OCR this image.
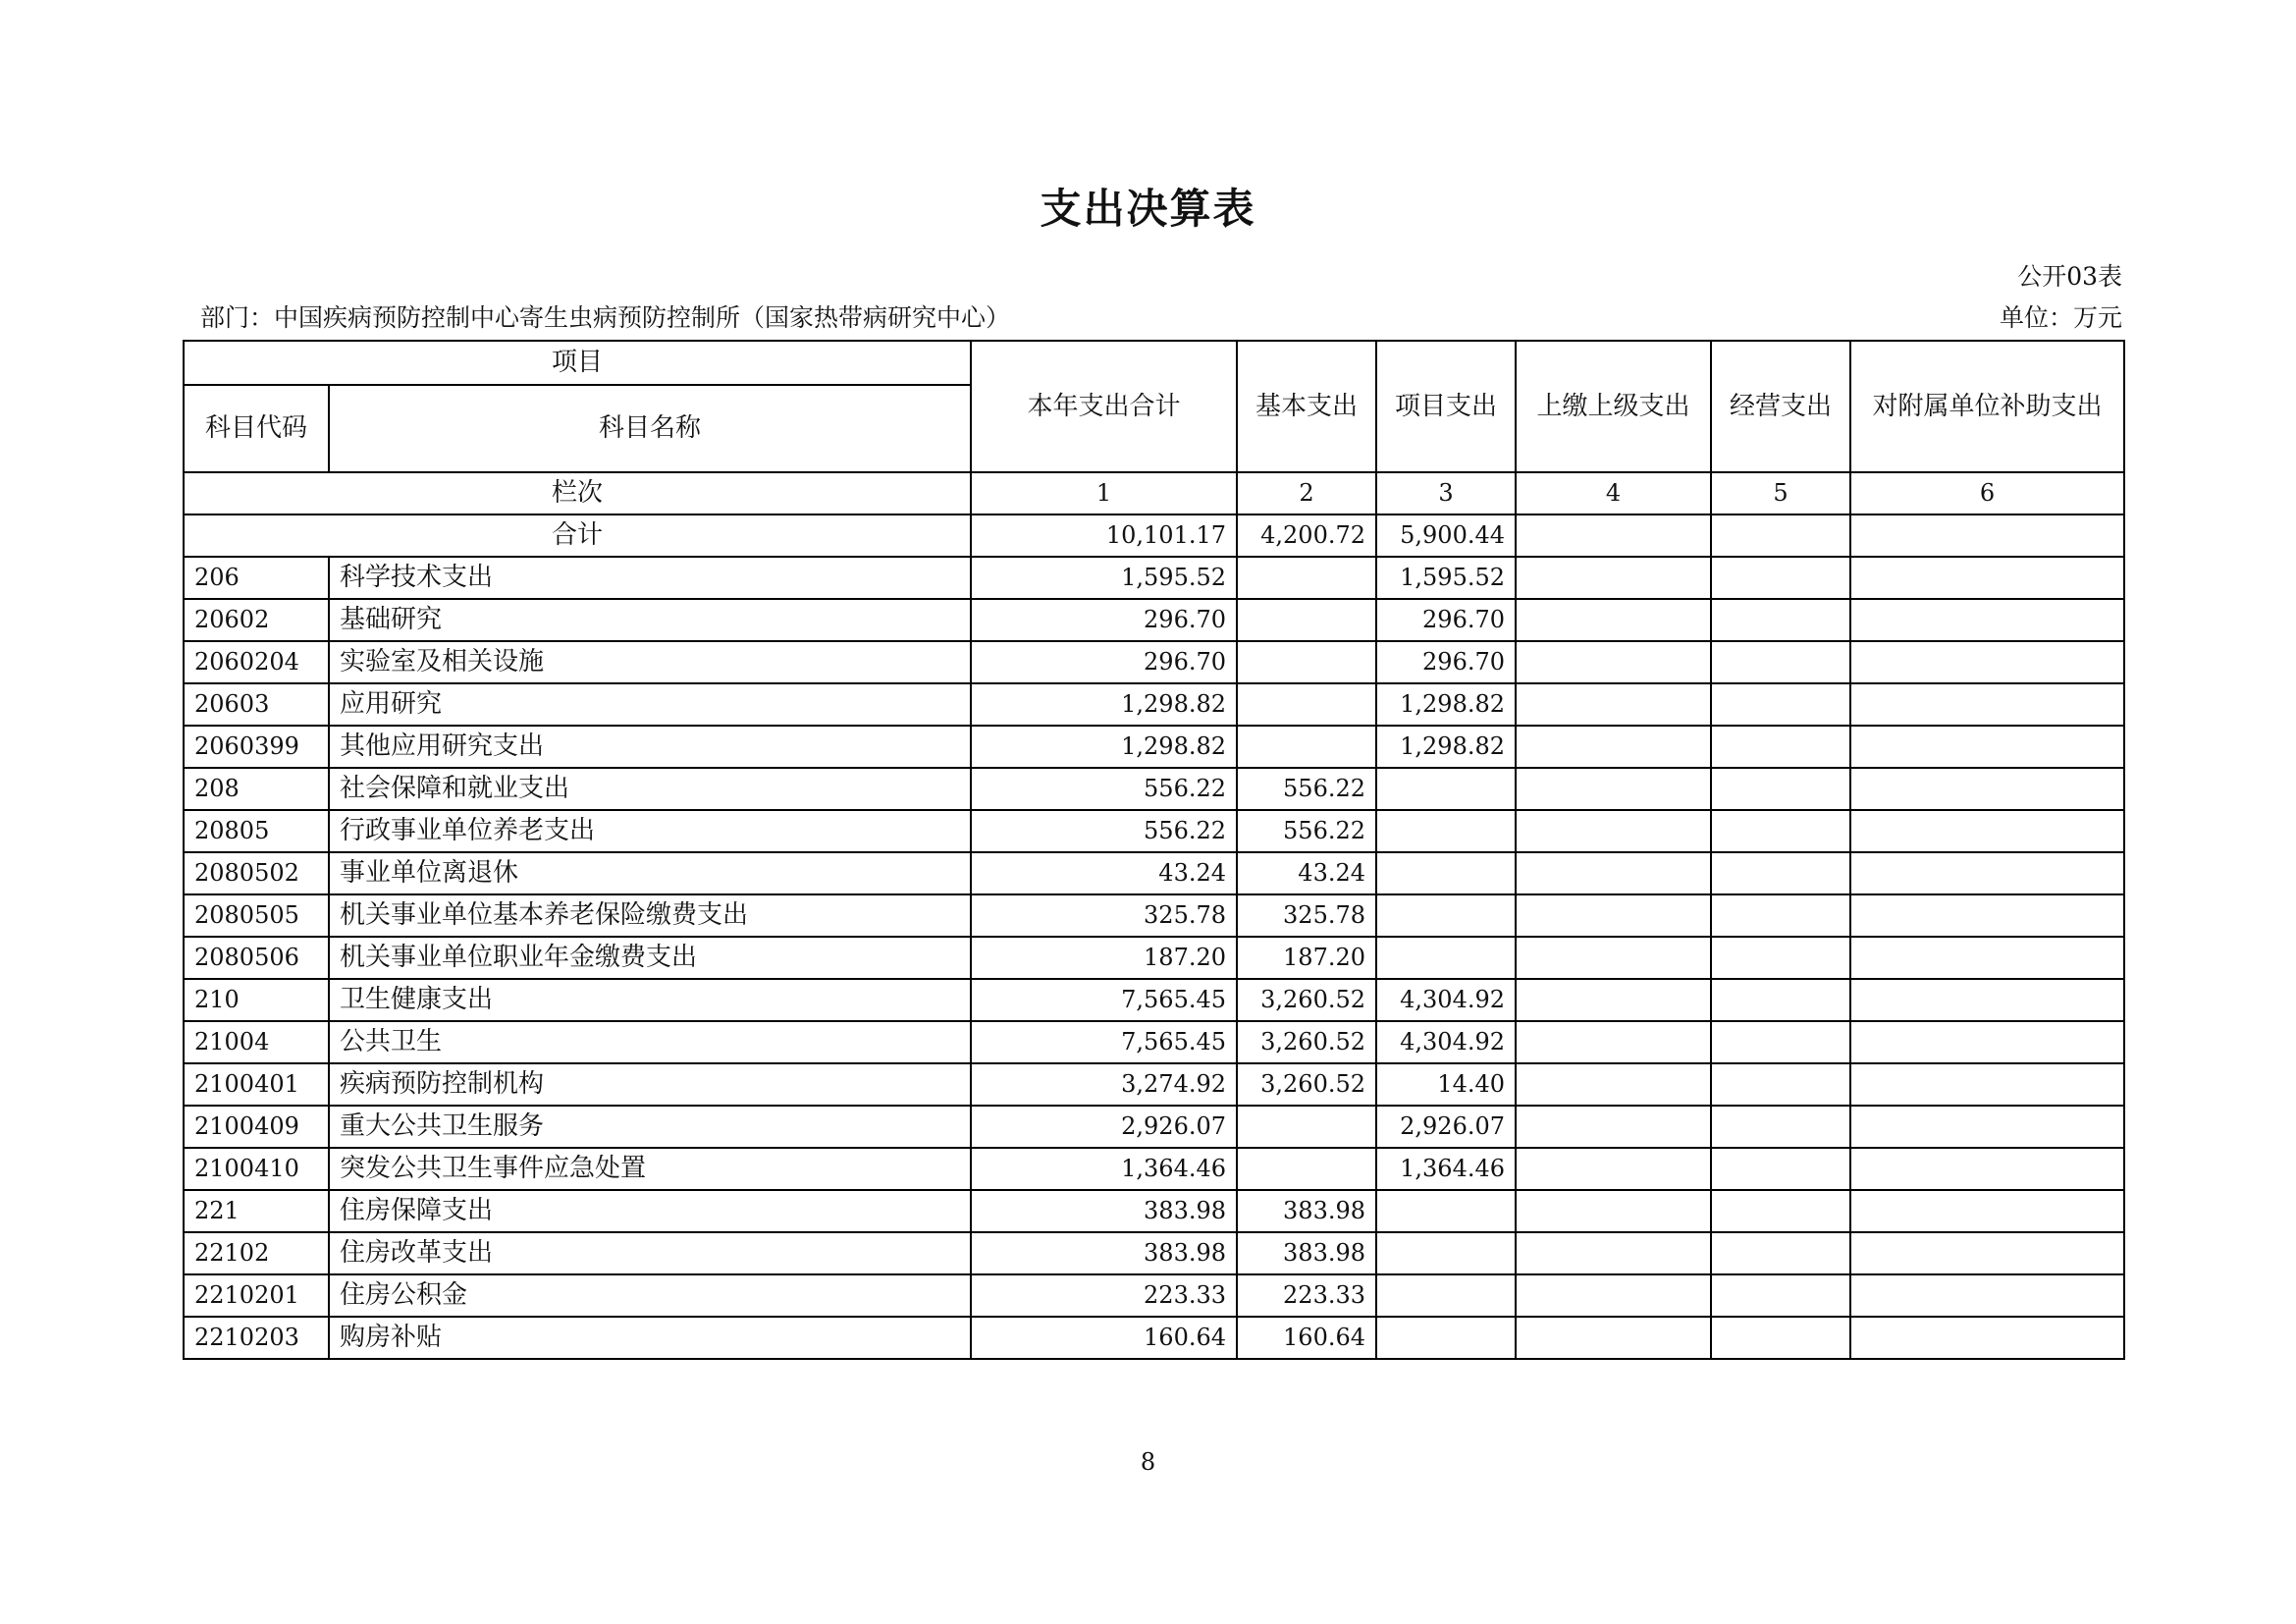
支出决算表
公开03表
部门：中国疾病预防控制中心寄生虫病预防控制所（国家热带病研究中心）	单位：万元
项目		本年支出合计	基本支出	项目支出	上缴上级支出	经营支出	对附属单位补助支出
科目代码	科目名称						
栏次		1	2	3	4	5	6
合计		10,101.17	4,200.72	5,900.44			
206	科学技术支出	1,595.52		1,595.52			
20602	基础研究	296.70		296.70			
2060204	实验室及相关设施	296.70		296.70			
20603	应用研究	1,298.82		1,298.82			
2060399	其他应用研究支出	1,298.82		1,298.82			
208	社会保障和就业支出	556.22	556.22				
20805	行政事业单位养老支出	556.22	556.22				
2080502	事业单位离退休	43.24	43.24				
2080505	机关事业单位基本养老保险缴费支出	325.78	325.78				
2080506	机关事业单位职业年金缴费支出	187.20	187.20				
210	卫生健康支出	7,565.45	3,260.52	4,304.92			
21004	公共卫生	7,565.45	3,260.52	4,304.92			
2100401	疾病预防控制机构	3,274.92	3,260.52	14.40			
2100409	重大公共卫生服务	2,926.07		2,926.07			
2100410	突发公共卫生事件应急处置	1,364.46		1,364.46			
221	住房保障支出	383.98	383.98				
22102	住房改革支出	383.98	383.98				
2210201	住房公积金	223.33	223.33				
2210203	购房补贴	160.64	160.64				
8
